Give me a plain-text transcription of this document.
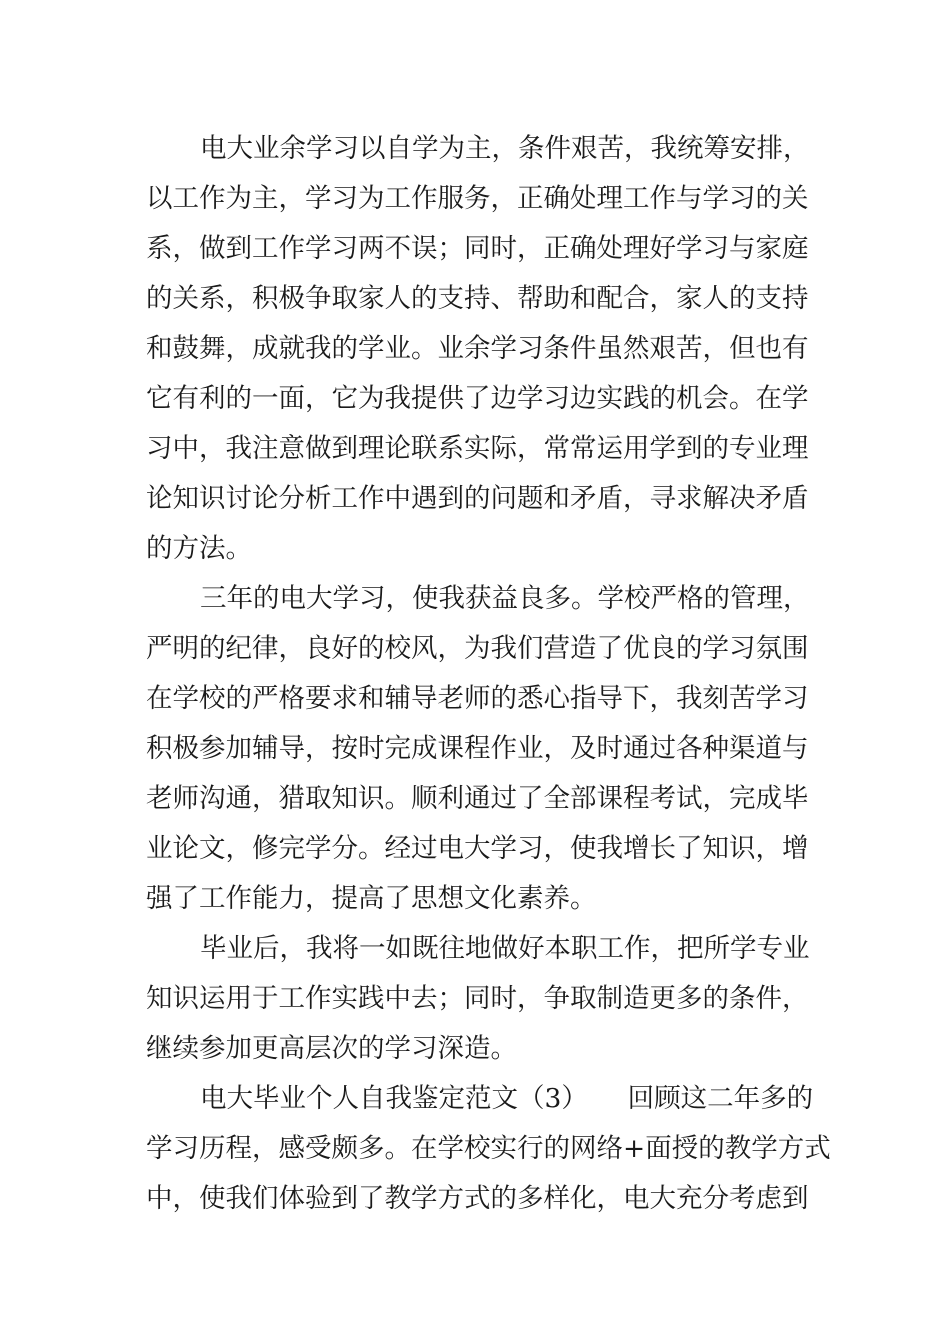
电大业余学习以自学为主，条件艰苦，我统筹安排，
以工作为主，学习为工作服务，正确处理工作与学习的关
系，做到工作学习两不误；同时，正确处理好学习与家庭
的关系，积极争取家人的支持、帮助和配合，家人的支持
和鼓舞，成就我的学业。业余学习条件虽然艰苦，但也有
它有利的一面，它为我提供了边学习边实践的机会。在学
习中，我注意做到理论联系实际，常常运用学到的专业理
论知识讨论分析工作中遇到的问题和矛盾，寻求解决矛盾
的方法。
三年的电大学习，使我获益良多。学校严格的管理，
严明的纪律，良好的校风，为我们营造了优良的学习氛围
在学校的严格要求和辅导老师的悉心指导下，我刻苦学习
积极参加辅导，按时完成课程作业，及时通过各种渠道与
老师沟通，猎取知识。顺利通过了全部课程考试，完成毕
业论文，修完学分。经过电大学习，使我增长了知识，增
强了工作能力，提高了思想文化素养。
毕业后，我将一如既往地做好本职工作，把所学专业
知识运用于工作实践中去；同时，争取制造更多的条件，
继续参加更高层次的学习深造。
电大毕业个人自我鉴定范文（3）　　回顾这二年多的
学习历程，感受颇多。在学校实行的网络+面授的教学方式
中，使我们体验到了教学方式的多样化，电大充分考虑到
